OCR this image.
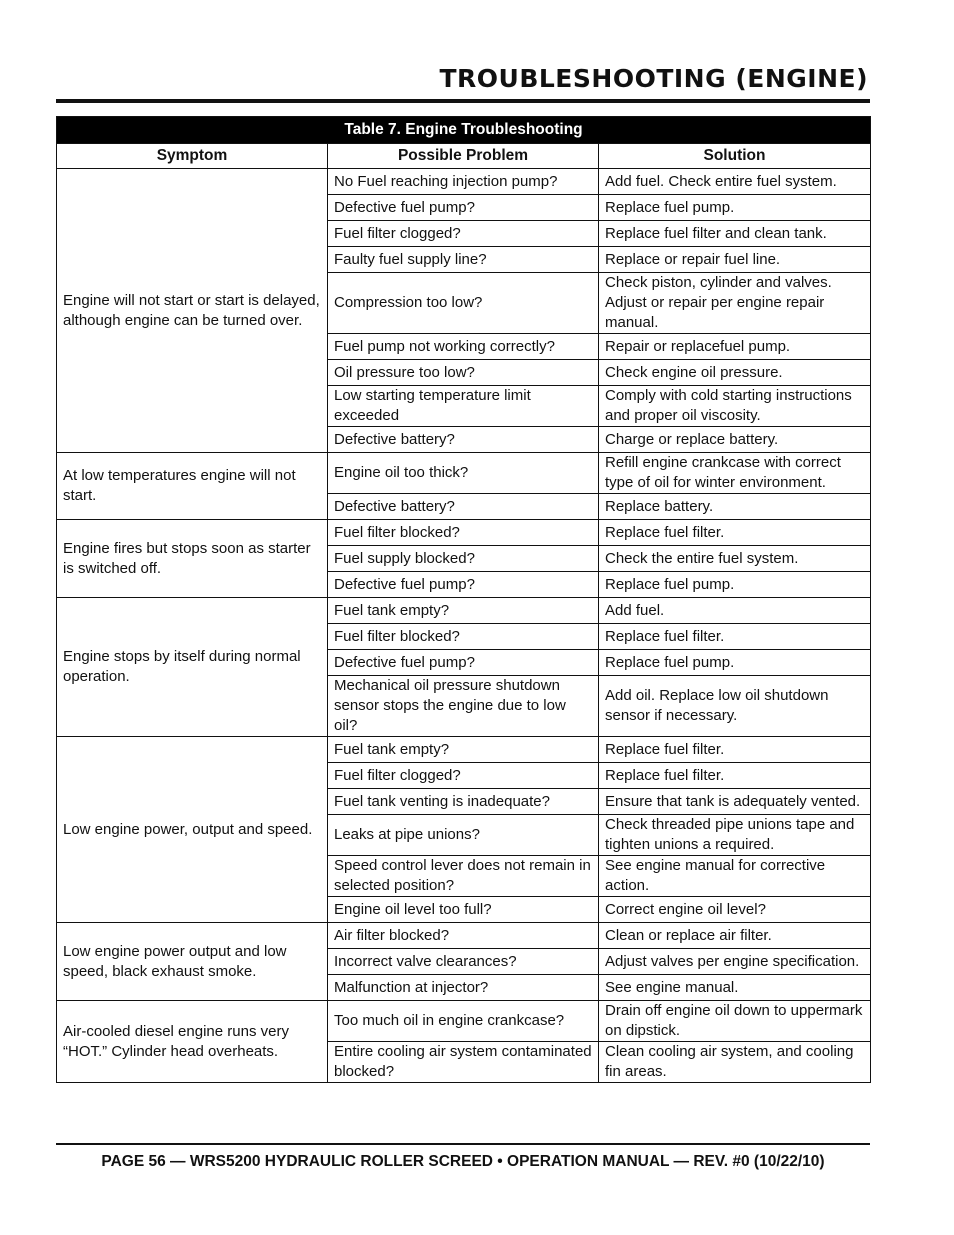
TROUBLESHOOTING (ENGINE)
Table 7. Engine Troubleshooting		
Symptom	Possible Problem	Solution
Engine will not start or start is delayed, although engine can be turned over.	No Fuel reaching injection pump?	Add fuel. Check entire fuel system.
	Defective fuel pump?	Replace fuel pump.
	Fuel filter clogged?	Replace fuel filter and clean tank.
	Faulty fuel supply line?	Replace or repair fuel line.
	Compression too low?	Check piston, cylinder and valves. Adjust or repair per engine repair manual.
	Fuel pump not working correctly?	Repair or replacefuel pump.
	Oil pressure too low?	Check engine oil pressure.
	Low starting temperature limit exceeded	Comply with cold starting instructions and proper oil viscosity.
	Defective battery?	Charge or replace battery.
At low temperatures engine will not start.	Engine oil too thick?	Refill engine crankcase with correct type of oil for winter environment.
	Defective battery?	Replace battery.
Engine fires but stops soon as starter is switched off.	Fuel filter blocked?	Replace fuel filter.
	Fuel supply blocked?	Check the entire fuel system.
	Defective fuel pump?	Replace fuel pump.
Engine stops by itself during normal operation.	Fuel tank empty?	Add fuel.
	Fuel filter blocked?	Replace fuel filter.
	Defective fuel pump?	Replace fuel pump.
	Mechanical oil pressure shutdown sensor stops the engine due to low oil?	Add oil. Replace low oil shutdown sensor if necessary.
Low engine power, output and speed.	Fuel tank empty?	Replace fuel filter.
	Fuel filter clogged?	Replace fuel filter.
	Fuel tank venting is inadequate?	Ensure that tank is adequately vented.
	Leaks at pipe unions?	Check threaded pipe unions tape and tighten unions a required.
	Speed control lever does not remain in selected position?	See engine manual for corrective action.
	Engine oil level too full?	Correct engine oil level?
Low engine power output and low speed, black exhaust smoke.	Air filter blocked?	Clean or replace air filter.
	Incorrect valve clearances?	Adjust valves per engine specification.
	Malfunction at injector?	See engine manual.
Air-cooled diesel engine runs very “HOT.” Cylinder head overheats.	Too much oil in engine crankcase?	Drain off engine oil down to uppermark on dipstick.
	Entire cooling air system contaminated blocked?	Clean cooling air system, and cooling fin areas.
PAGE 56 — WRS5200 HYDRAULIC ROLLER SCREED • OPERATION MANUAL — REV. #0 (10/22/10)
